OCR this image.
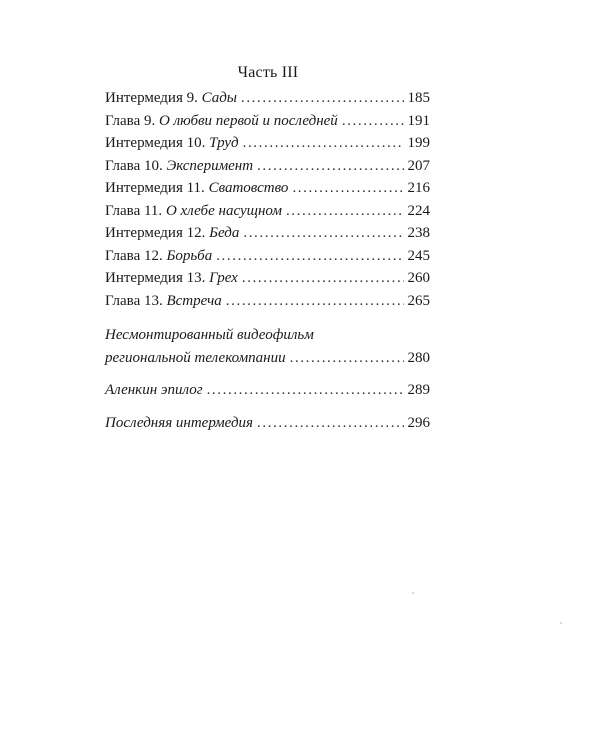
Часть III
Интермедия 9. Сады .....	185
Глава 9. О любви первой и последней .....	191
Интермедия 10. Труд .....	199
Глава 10. Эксперимент .....	207
Интермедия 11. Сватовство .....	216
Глава 11. О хлебе насущном .....	224
Интермедия 12. Беда .....	238
Глава 12. Борьба .....	245
Интермедия 13. Грех .....	260
Глава 13. Встреча .....	265
Несмонтированный видеофильм
региональной телекомпании .....	280
Аленкин эпилог .....	289
Последняя интермедия .....	296
